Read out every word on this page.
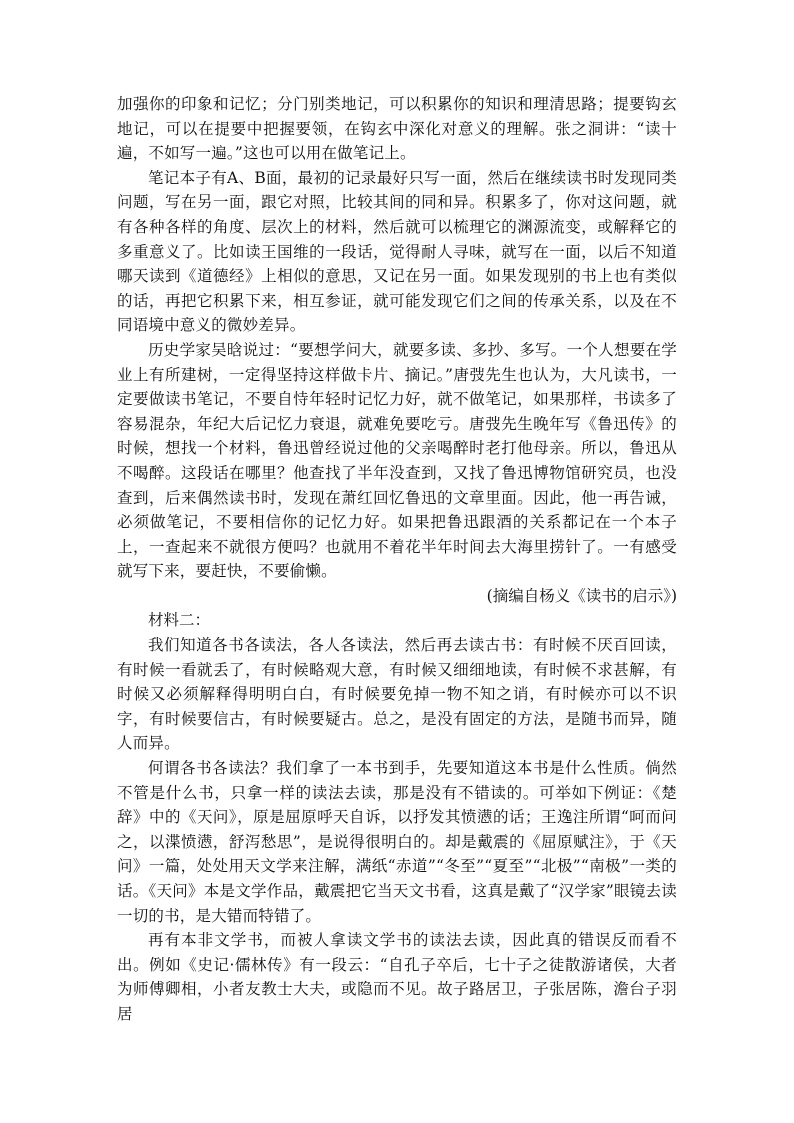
加强你的印象和记忆；分门别类地记，可以积累你的知识和理清思路；提要钩玄地记，可以在提要中把握要领，在钩玄中深化对意义的理解。张之洞讲：“读十遍，不如写一遍。”这也可以用在做笔记上。

笔记本子有A、B面，最初的记录最好只写一面，然后在继续读书时发现同类问题，写在另一面，跟它对照，比较其间的同和异。积累多了，你对这问题，就有各种各样的角度、层次上的材料，然后就可以梳理它的渊源流变，或解释它的多重意义了。比如读王国维的一段话，觉得耐人寻味，就写在一面，以后不知道哪天读到《道德经》上相似的意思，又记在另一面。如果发现别的书上也有类似的话，再把它积累下来，相互参证，就可能发现它们之间的传承关系，以及在不同语境中意义的微妙差异。

历史学家吴晗说过：“要想学问大，就要多读、多抄、多写。一个人想要在学业上有所建树，一定得坚持这样做卡片、摘记。”唐弢先生也认为，大凡读书，一定要做读书笔记，不要自恃年轻时记忆力好，就不做笔记，如果那样，书读多了容易混杂，年纪大后记忆力衰退，就难免要吃亏。唐弢先生晚年写《鲁迅传》的时候，想找一个材料，鲁迅曾经说过他的父亲喝醉时老打他母亲。所以，鲁迅从不喝醉。这段话在哪里？他查找了半年没查到，又找了鲁迅博物馆研究员，也没查到，后来偶然读书时，发现在萧红回忆鲁迅的文章里面。因此，他一再告诫，必须做笔记，不要相信你的记忆力好。如果把鲁迅跟酒的关系都记在一个本子上，一查起来不就很方便吗？也就用不着花半年时间去大海里捞针了。一有感受就写下来，要赶快，不要偷懒。

(摘编自杨义《读书的启示》)

材料二：

我们知道各书各读法，各人各读法，然后再去读古书：有时候不厌百回读，有时候一看就丢了，有时候略观大意，有时候又细细地读，有时候不求甚解，有时候又必须解释得明明白白，有时候要免掉一物不知之诮，有时候亦可以不识字，有时候要信古，有时候要疑古。总之，是没有固定的方法，是随书而异，随人而异。

何谓各书各读法？我们拿了一本书到手，先要知道这本书是什么性质。倘然不管是什么书，只拿一样的读法去读，那是没有不错读的。可举如下例证：《楚辞》中的《天问》，原是屈原呼天自诉，以抒发其愤懑的话；王逸注所谓“呵而问之，以渫愤懑，舒泻愁思”，是说得很明白的。却是戴震的《屈原赋注》，于《天问》一篇，处处用天文学来注解，满纸“赤道”“冬至”“夏至”“北极”“南极”一类的话。《天问》本是文学作品，戴震把它当天文书看，这真是戴了“汉学家”眼镜去读一切的书，是大错而特错了。

再有本非文学书，而被人拿读文学书的读法去读，因此真的错误反而看不出。例如《史记·儒林传》有一段云：“自孔子卒后，七十子之徒散游诸侯，大者为师傅卿相，小者友教士大夫，或隐而不见。故子路居卫，子张居陈，澹台子羽居
